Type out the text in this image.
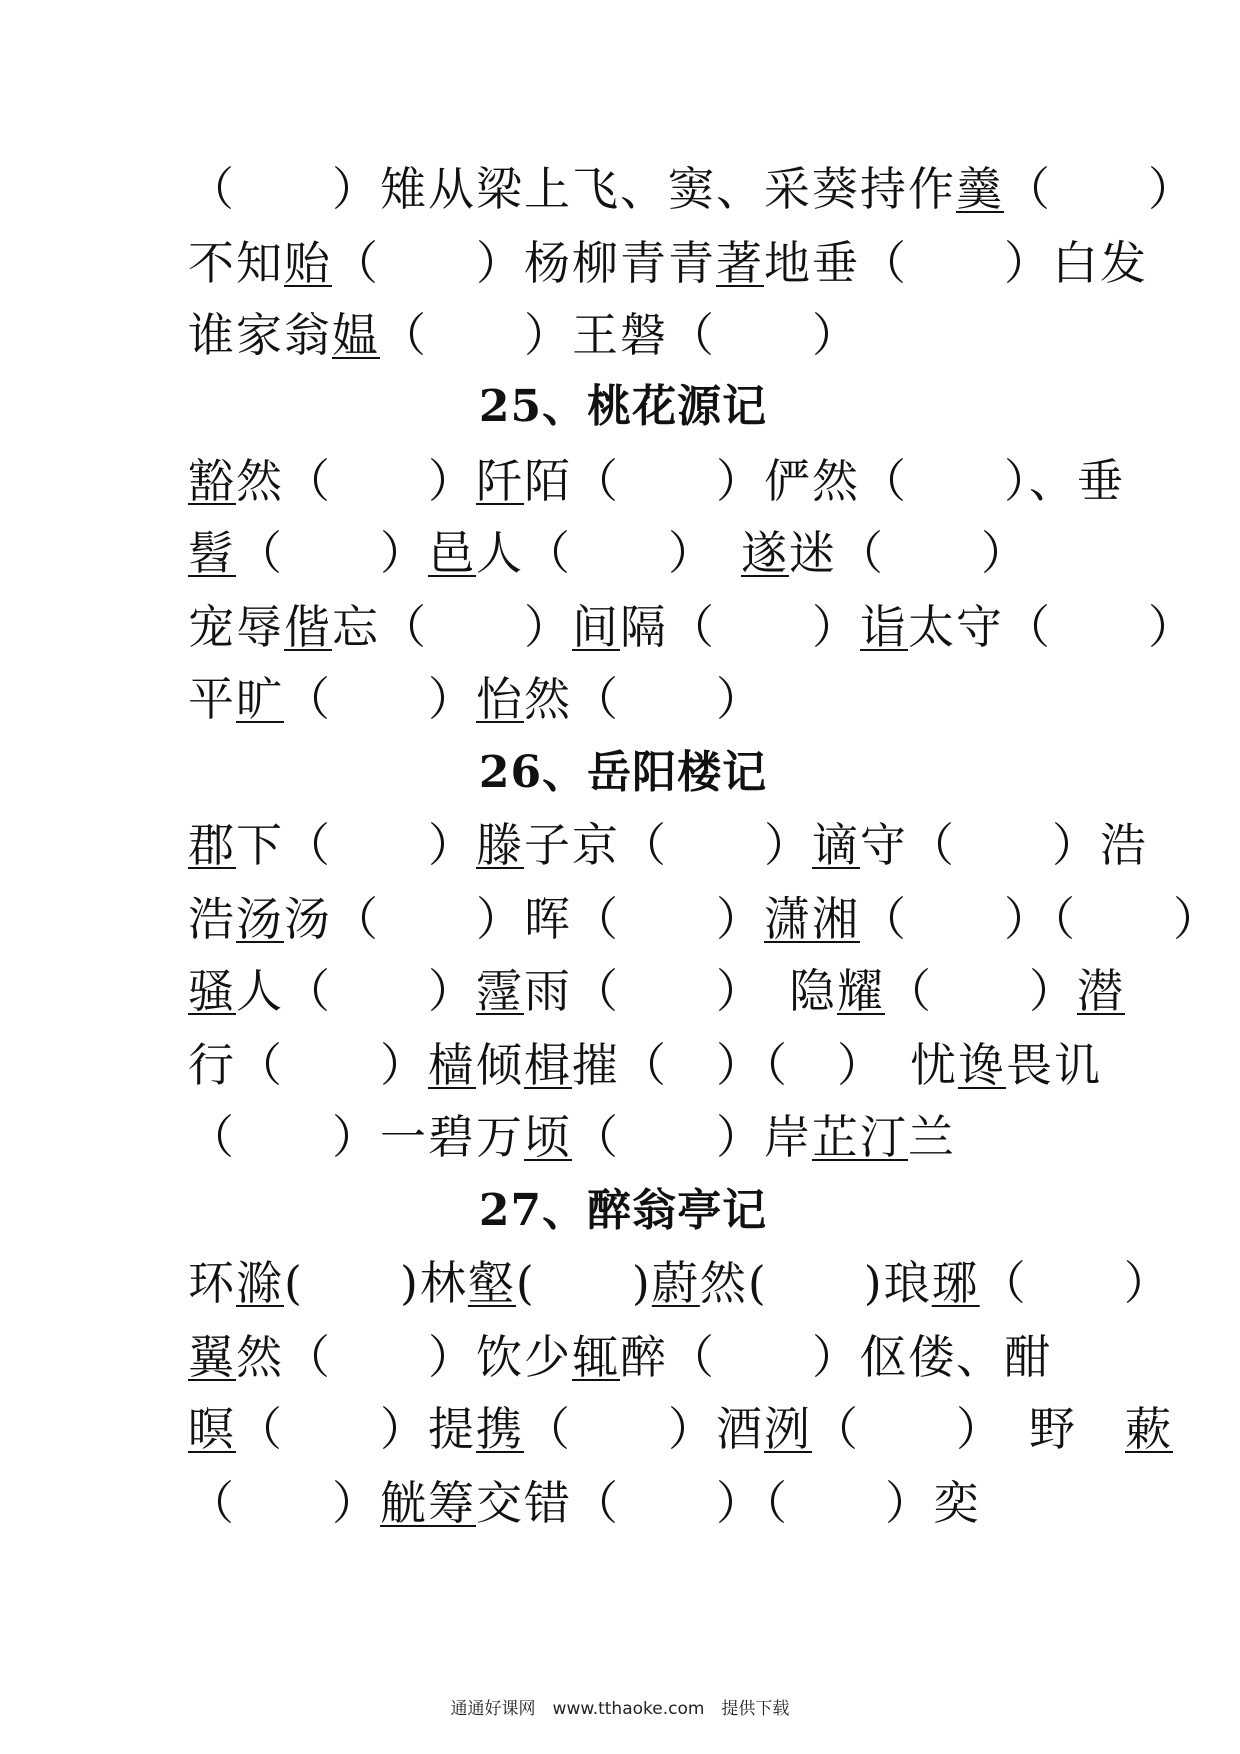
（　　）雉从梁上飞、窦、采葵持作羹（　　）
不知贻（　　）杨柳青青著地垂（　　）白发
谁家翁媪（　　）王磐（　　）
25、桃花源记
豁然（　　）阡陌（　　）俨然（　　）、垂
髫（　　）邑人（　　）　遂迷（　　）
宠辱偕忘（　　）间隔（　　）诣太守（　　）
平旷（　　）怡然（　　）
26、岳阳楼记
郡下（　　）滕子京（　　）谪守（　　）浩
浩汤汤（　　）晖（　　）潇湘（　　）（　　）
骚人（　　）霪雨（　　）　隐耀（　　）潜
行（　　）樯倾楫摧（　）（　）　忧谗畏讥
（　　）一碧万顷（　　）岸芷汀兰
27、醉翁亭记
环滁(　　)林壑(　　)蔚然(　　)琅琊（　　）
翼然（　　）饮少辄醉（　　）伛偻、酣
暝（　　）提携（　　）酒洌（　　）　野　蔌
（　　）觥筹交错（　　）（　　）奕
通通好课网　www.tthaoke.com　提供下载
